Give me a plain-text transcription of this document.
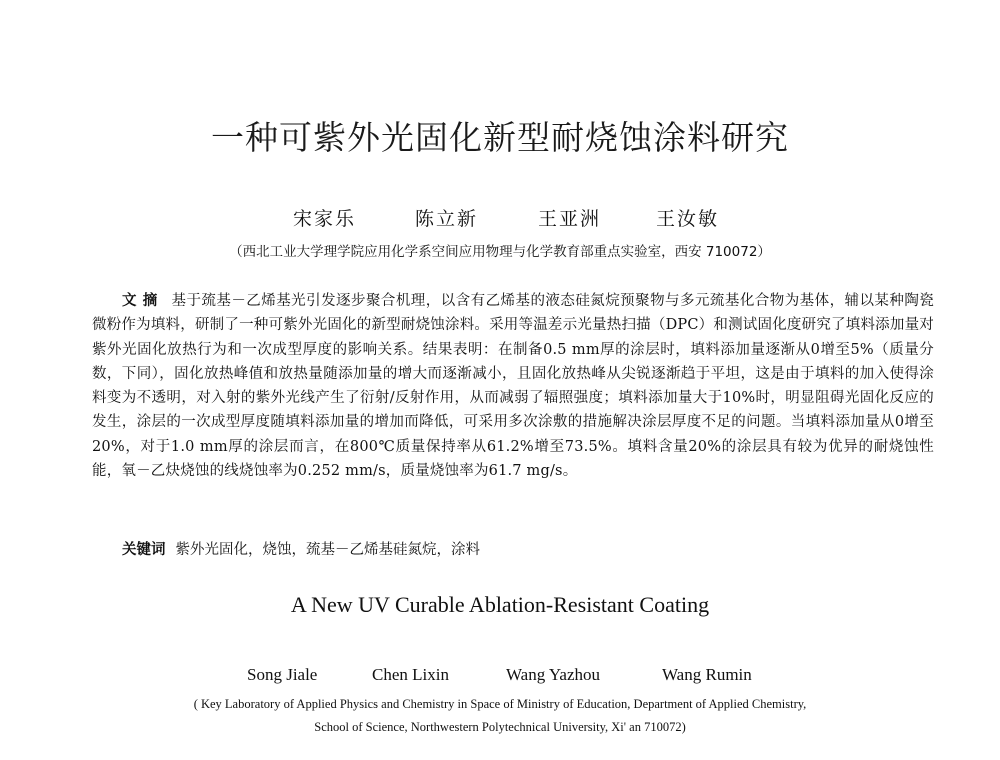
一种可紫外光固化新型耐烧蚀涂料研究
宋家乐	陈立新	王亚洲	王汝敏
（西北工业大学理学院应用化学系空间应用物理与化学教育部重点实验室，西安 710072）
文摘 基于巯基－乙烯基光引发逐步聚合机理，以含有乙烯基的液态硅氮烷预聚物与多元巯基化合物为基体，辅以某种陶瓷微粉作为填料，研制了一种可紫外光固化的新型耐烧蚀涂料。采用等温差示光量热扫描（DPC）和测试固化度研究了填料添加量对紫外光固化放热行为和一次成型厚度的影响关系。结果表明：在制备0.5 mm厚的涂层时，填料添加量逐渐从0增至5%（质量分数，下同），固化放热峰值和放热量随添加量的增大而逐渐减小，且固化放热峰从尖锐逐渐趋于平坦，这是由于填料的加入使得涂料变为不透明，对入射的紫外光线产生了衍射/反射作用，从而减弱了辐照强度；填料添加量大于10%时，明显阻碍光固化反应的发生，涂层的一次成型厚度随填料添加量的增加而降低，可采用多次涂敷的措施解决涂层厚度不足的问题。当填料添加量从0增至20%，对于1.0 mm厚的涂层而言，在800℃质量保持率从61.2%增至73.5%。填料含量20%的涂层具有较为优异的耐烧蚀性能，氧－乙炔烧蚀的线烧蚀率为0.252 mm/s，质量烧蚀率为61.7 mg/s。
关键词 紫外光固化，烧蚀，巯基－乙烯基硅氮烷，涂料
A New UV Curable Ablation-Resistant Coating
Song Jiale	Chen Lixin	Wang Yazhou	Wang Rumin
( Key Laboratory of Applied Physics and Chemistry in Space of Ministry of Education, Department of Applied Chemistry,
School of Science, Northwestern Polytechnical University, Xi' an 710072)
